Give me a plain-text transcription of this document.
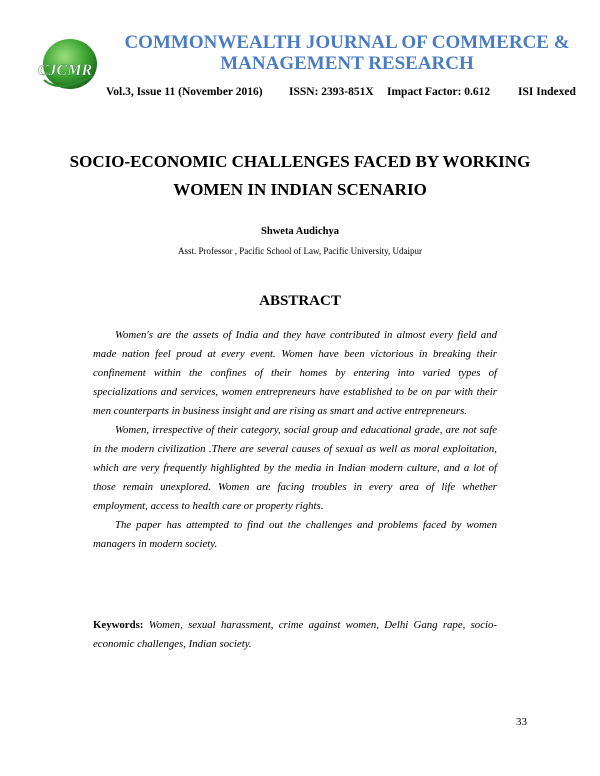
CJCMR
COMMONWEALTH JOURNAL OF COMMERCE & MANAGEMENT RESEARCH
Vol.3, Issue 11 (November 2016) ISSN: 2393-851X Impact Factor: 0.612 ISI Indexed
SOCIO-ECONOMIC CHALLENGES FACED BY WORKING WOMEN IN INDIAN SCENARIO
Shweta Audichya
Asst. Professor , Pacific School of Law, Pacific University, Udaipur
ABSTRACT

Women's are the assets of India and they have contributed in almost every field and made nation feel proud at every event. Women have been victorious in breaking their confinement within the confines of their homes by entering into varied types of specializations and services, women entrepreneurs have established to be on par with their men counterparts in business insight and are rising as smart and active entrepreneurs.

Women, irrespective of their category, social group and educational grade, are not safe in the modern civilization .There are several causes of sexual as well as moral exploitation, which are very frequently highlighted by the media in Indian modern culture, and a lot of those remain unexplored. Women are facing troubles in every area of life whether employment, access to health care or property rights.

The paper has attempted to find out the challenges and problems faced by women managers in modern society.

Keywords: Women, sexual harassment, crime against women, Delhi Gang rape, socio-economic challenges, Indian society.
33
